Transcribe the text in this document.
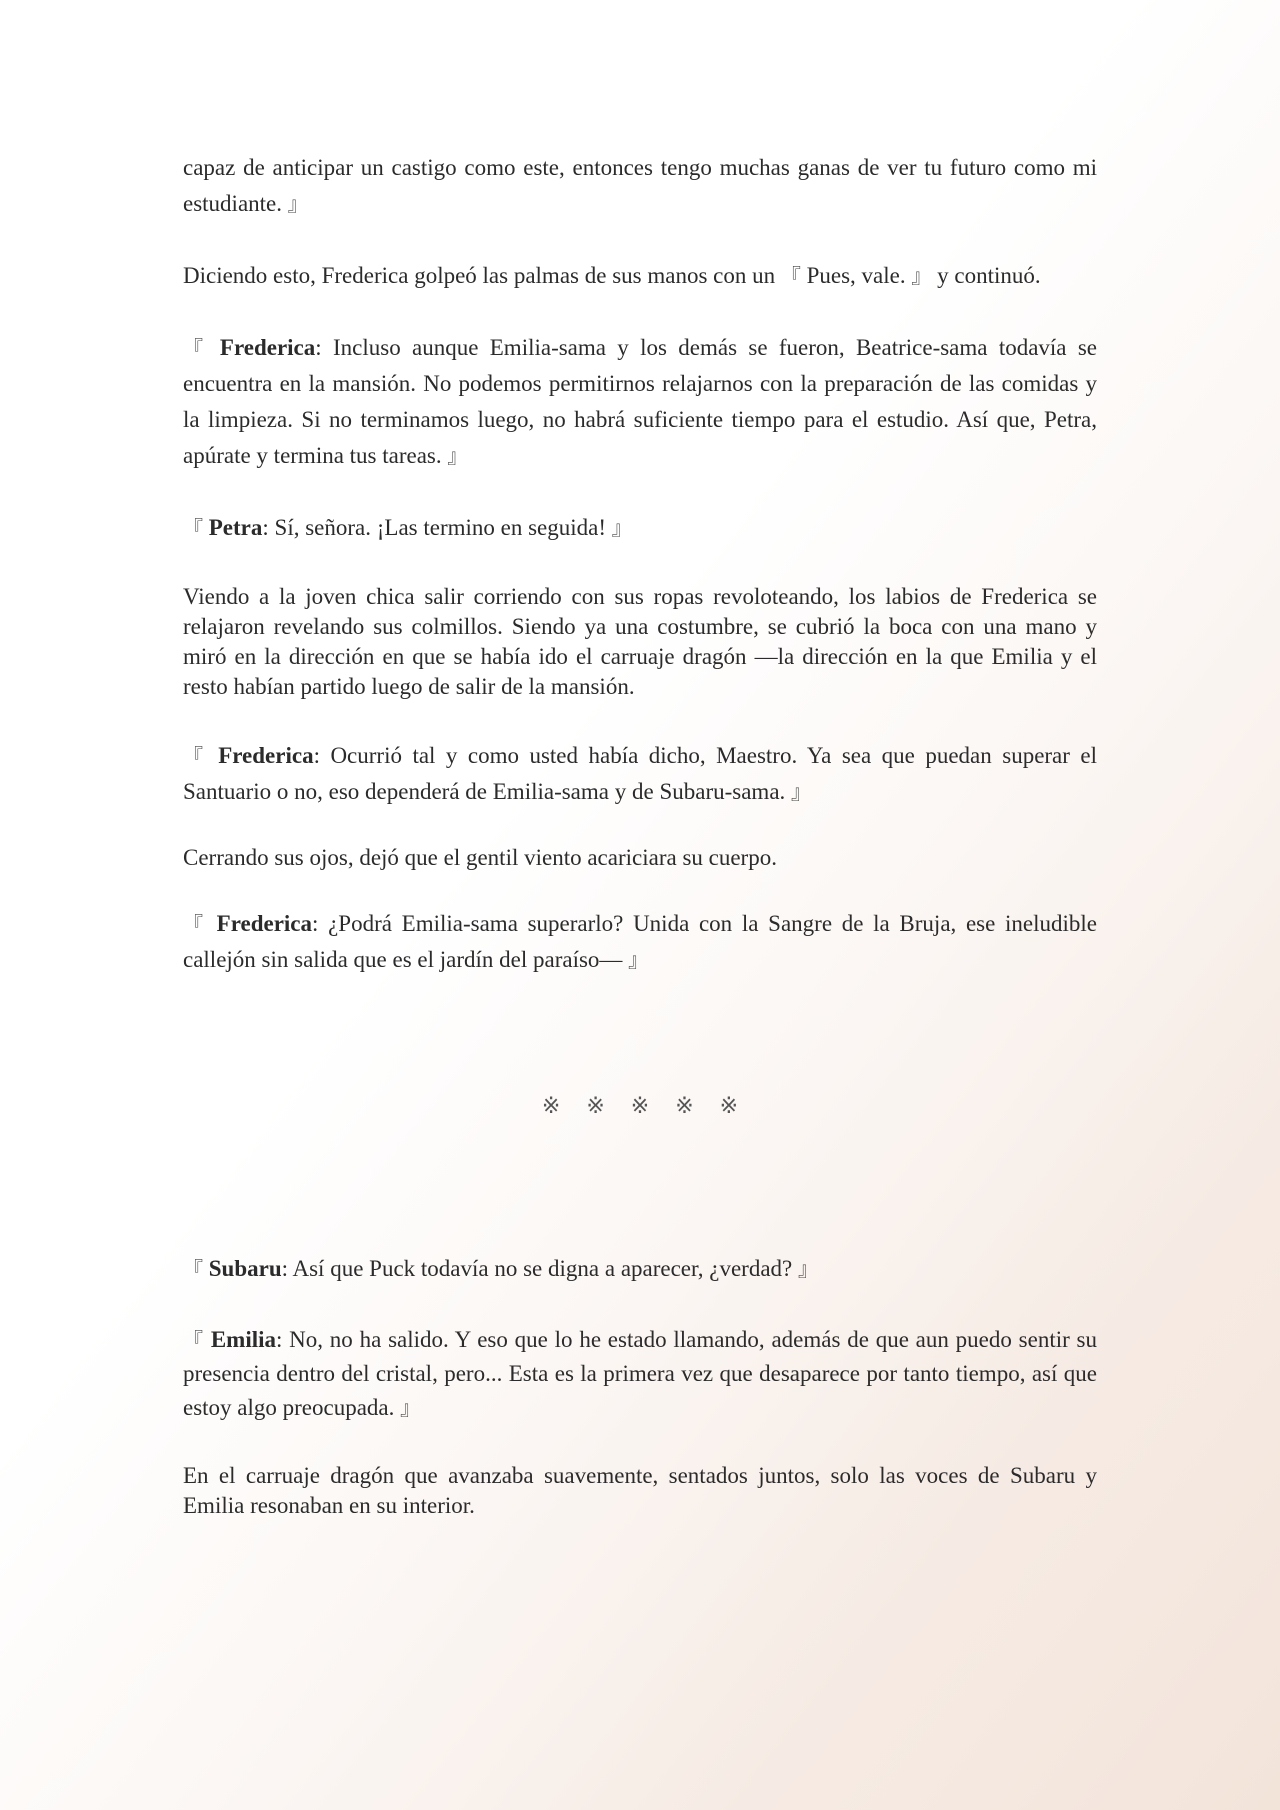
capaz de anticipar un castigo como este, entonces tengo muchas ganas de ver tu futuro como mi estudiante. 』

Diciendo esto, Frederica golpeó las palmas de sus manos con un 『 Pues, vale. 』 y continuó.

『 Frederica: Incluso aunque Emilia-sama y los demás se fueron, Beatrice-sama todavía se encuentra en la mansión. No podemos permitirnos relajarnos con la preparación de las comidas y la limpieza. Si no terminamos luego, no habrá suficiente tiempo para el estudio. Así que, Petra, apúrate y termina tus tareas. 』

『 Petra: Sí, señora. ¡Las termino en seguida! 』

Viendo a la joven chica salir corriendo con sus ropas revoloteando, los labios de Frederica se relajaron revelando sus colmillos. Siendo ya una costumbre, se cubrió la boca con una mano y miró en la dirección en que se había ido el carruaje dragón —la dirección en la que Emilia y el resto habían partido luego de salir de la mansión.

『 Frederica: Ocurrió tal y como usted había dicho, Maestro. Ya sea que puedan superar el Santuario o no, eso dependerá de Emilia-sama y de Subaru-sama. 』

Cerrando sus ojos, dejó que el gentil viento acariciara su cuerpo.

『 Frederica: ¿Podrá Emilia-sama superarlo? Unida con la Sangre de la Bruja, ese ineludible callejón sin salida que es el jardín del paraíso— 』

※※※※※

『 Subaru: Así que Puck todavía no se digna a aparecer, ¿verdad? 』

『 Emilia: No, no ha salido. Y eso que lo he estado llamando, además de que aun puedo sentir su presencia dentro del cristal, pero... Esta es la primera vez que desaparece por tanto tiempo, así que estoy algo preocupada. 』

En el carruaje dragón que avanzaba suavemente, sentados juntos, solo las voces de Subaru y Emilia resonaban en su interior.
